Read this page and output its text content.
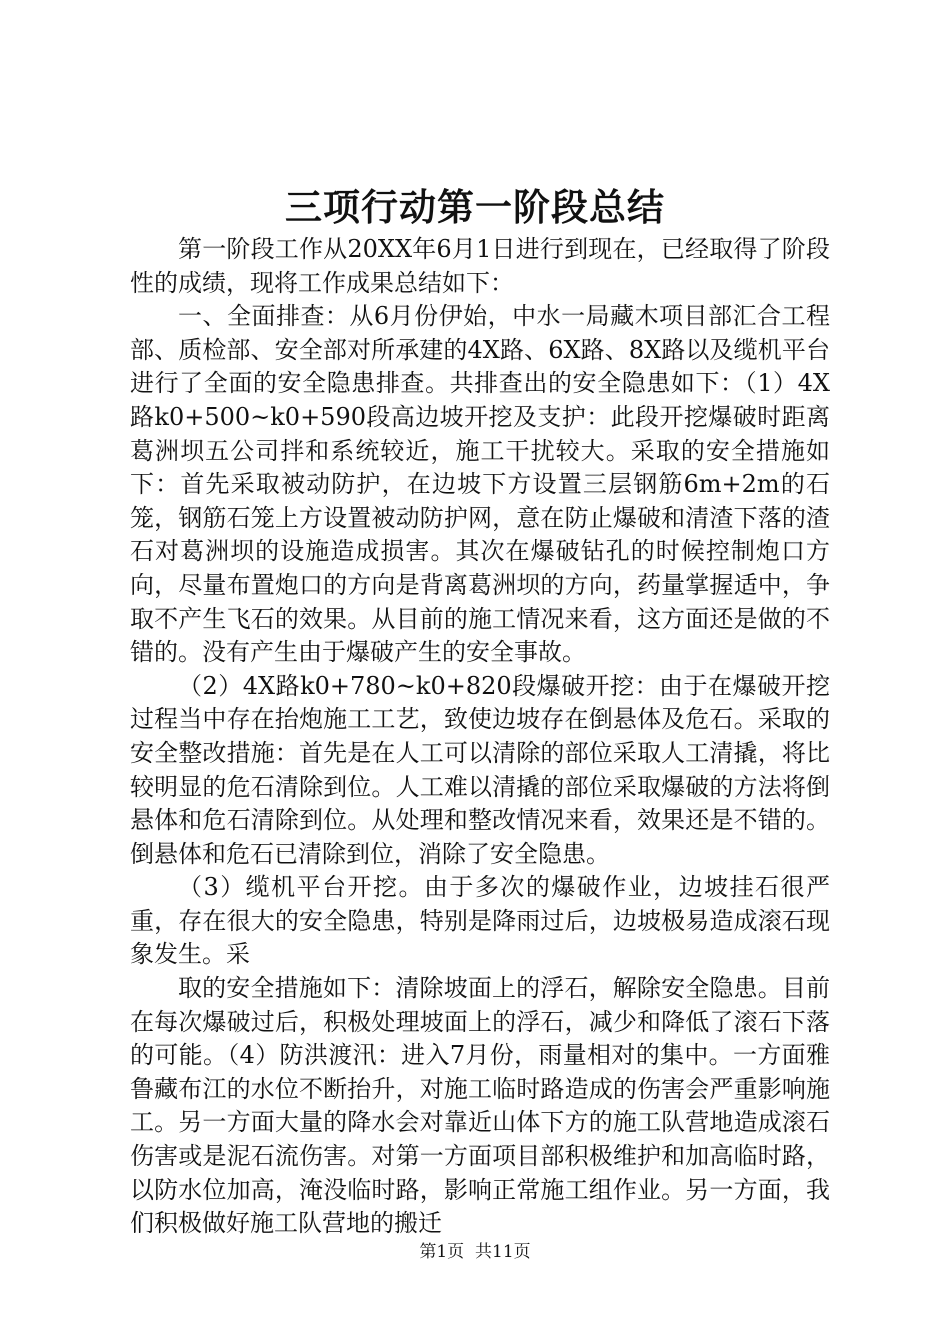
三项行动第一阶段总结

第一阶段工作从20XX年6月1日进行到现在，已经取得了阶段性的成绩，现将工作成果总结如下：

一、全面排查：从6月份伊始，中水一局藏木项目部汇合工程部、质检部、安全部对所承建的4X路、6X路、8X路以及缆机平台进行了全面的安全隐患排查。共排查出的安全隐患如下：（1）4X路k0+500~k0+590段高边坡开挖及支护：此段开挖爆破时距离葛洲坝五公司拌和系统较近，施工干扰较大。采取的安全措施如下：首先采取被动防护，在边坡下方设置三层钢筋6m+2m的石笼，钢筋石笼上方设置被动防护网，意在防止爆破和清渣下落的渣石对葛洲坝的设施造成损害。其次在爆破钻孔的时候控制炮口方向，尽量布置炮口的方向是背离葛洲坝的方向，药量掌握适中，争取不产生飞石的效果。从目前的施工情况来看，这方面还是做的不错的。没有产生由于爆破产生的安全事故。

（2）4X路k0+780~k0+820段爆破开挖：由于在爆破开挖过程当中存在抬炮施工工艺，致使边坡存在倒悬体及危石。采取的安全整改措施：首先是在人工可以清除的部位采取人工清撬，将比较明显的危石清除到位。人工难以清撬的部位采取爆破的方法将倒悬体和危石清除到位。从处理和整改情况来看，效果还是不错的。倒悬体和危石已清除到位，消除了安全隐患。

（3）缆机平台开挖。由于多次的爆破作业，边坡挂石很严重，存在很大的安全隐患，特别是降雨过后，边坡极易造成滚石现象发生。采

取的安全措施如下：清除坡面上的浮石，解除安全隐患。目前在每次爆破过后，积极处理坡面上的浮石，减少和降低了滚石下落的可能。（4）防洪渡汛：进入7月份，雨量相对的集中。一方面雅鲁藏布江的水位不断抬升，对施工临时路造成的伤害会严重影响施工。另一方面大量的降水会对靠近山体下方的施工队营地造成滚石伤害或是泥石流伤害。对第一方面项目部积极维护和加高临时路，以防水位加高，淹没临时路，影响正常施工组作业。另一方面，我们积极做好施工队营地的搬迁

第1页 共11页
